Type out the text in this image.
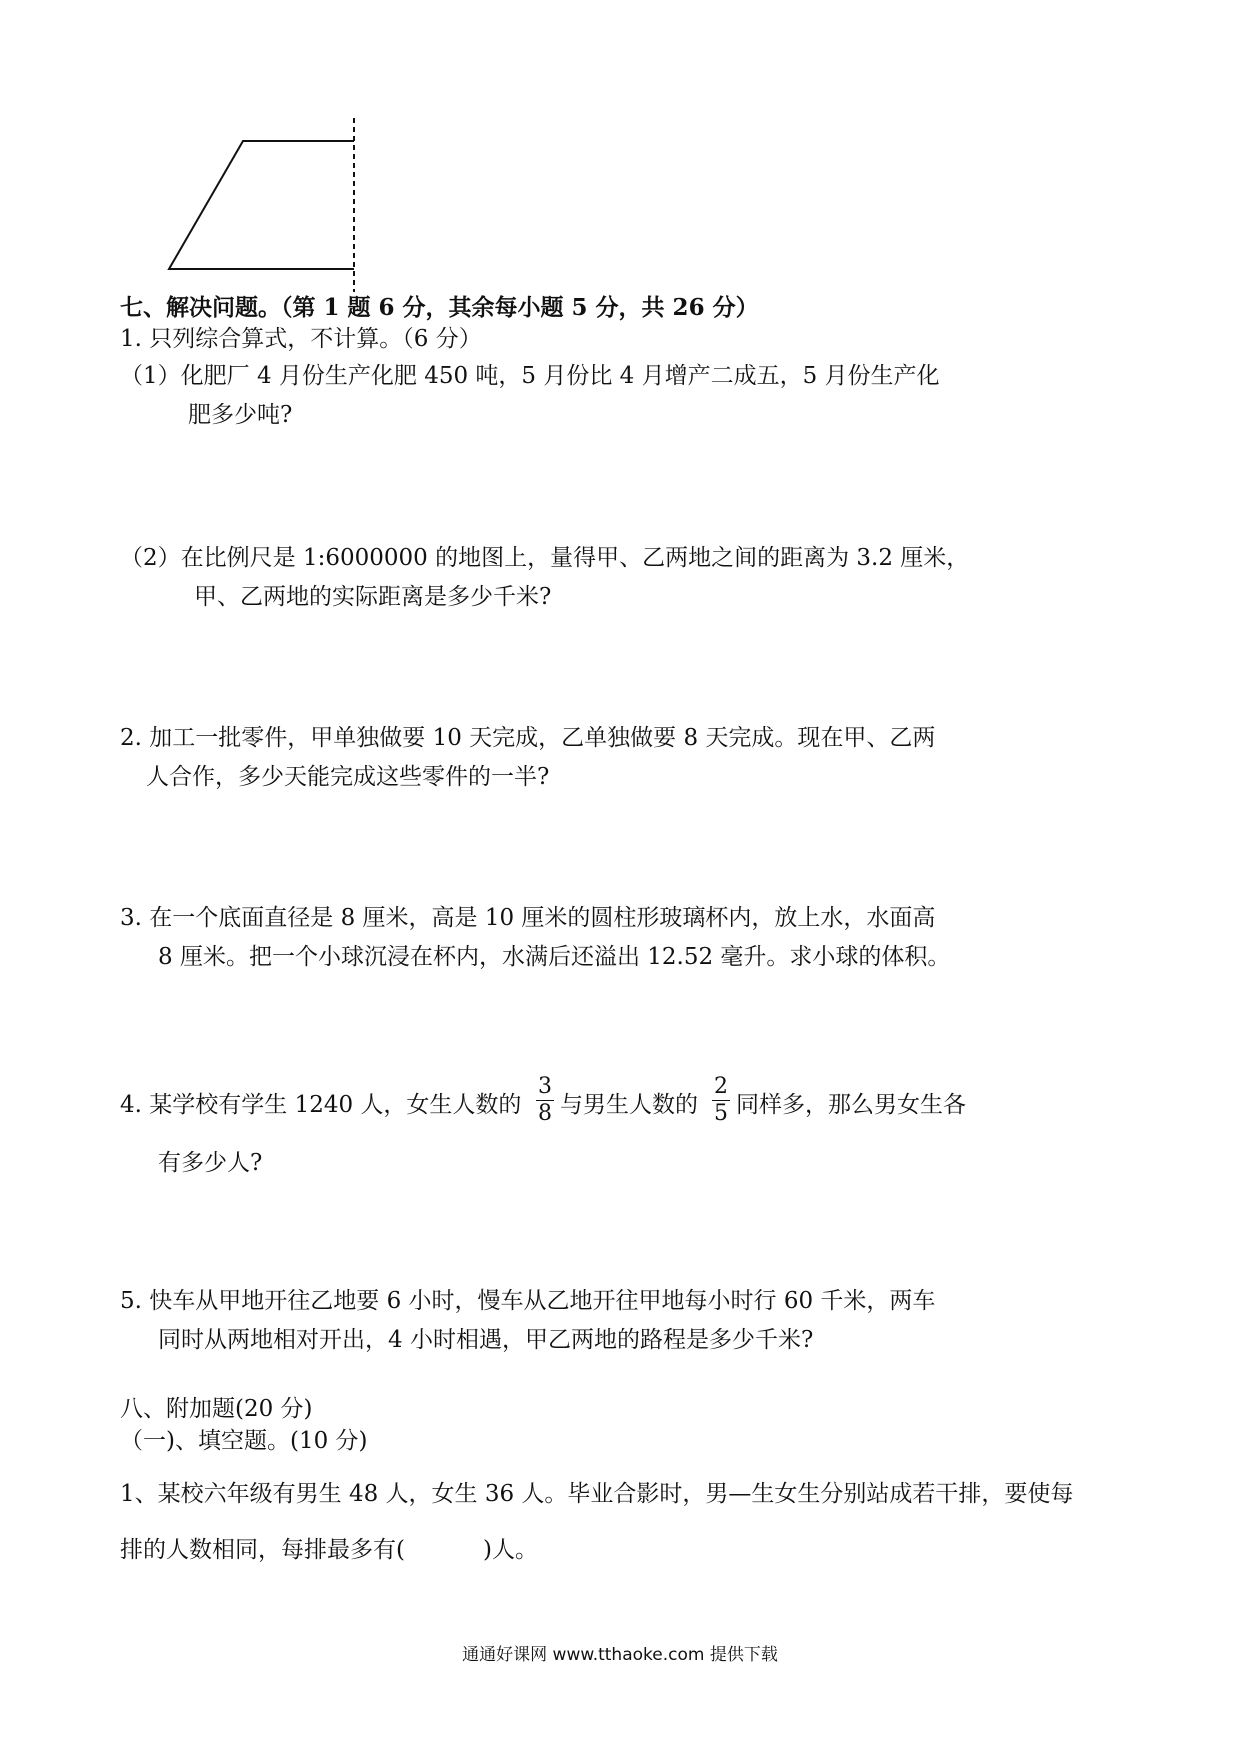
七、解决问题。（第 1 题 6 分，其余每小题 5 分，共 26 分）
1. 只列综合算式，不计算。（6 分）
（1）化肥厂 4 月份生产化肥 450 吨，5 月份比 4 月增产二成五，5 月份生产化
肥多少吨?
（2）在比例尺是 1:6000000 的地图上，量得甲、乙两地之间的距离为 3.2 厘米，
甲、乙两地的实际距离是多少千米?
2. 加工一批零件，甲单独做要 10 天完成，乙单独做要 8 天完成。现在甲、乙两
人合作，多少天能完成这些零件的一半?
3. 在一个底面直径是 8 厘米，高是 10 厘米的圆柱形玻璃杯内，放上水，水面高
8 厘米。把一个小球沉浸在杯内，水满后还溢出 12.52 毫升。求小球的体积。
4. 某学校有学生 1240 人，女生人数的 $\frac{3}{8}$ 与男生人数的 $\frac{2}{5}$ 同样多，那么男女生各
有多少人?
5. 快车从甲地开往乙地要 6 小时，慢车从乙地开往甲地每小时行 60 千米，两车
同时从两地相对开出，4 小时相遇，甲乙两地的路程是多少千米?
八、附加题(20 分)
（一)、填空题。(10 分)
1、某校六年级有男生 48 人，女生 36 人。毕业合影时，男—生女生分别站成若干排，要使每
排的人数相同，每排最多有(	)人。
通通好课网 www.tthaoke.com 提供下载
